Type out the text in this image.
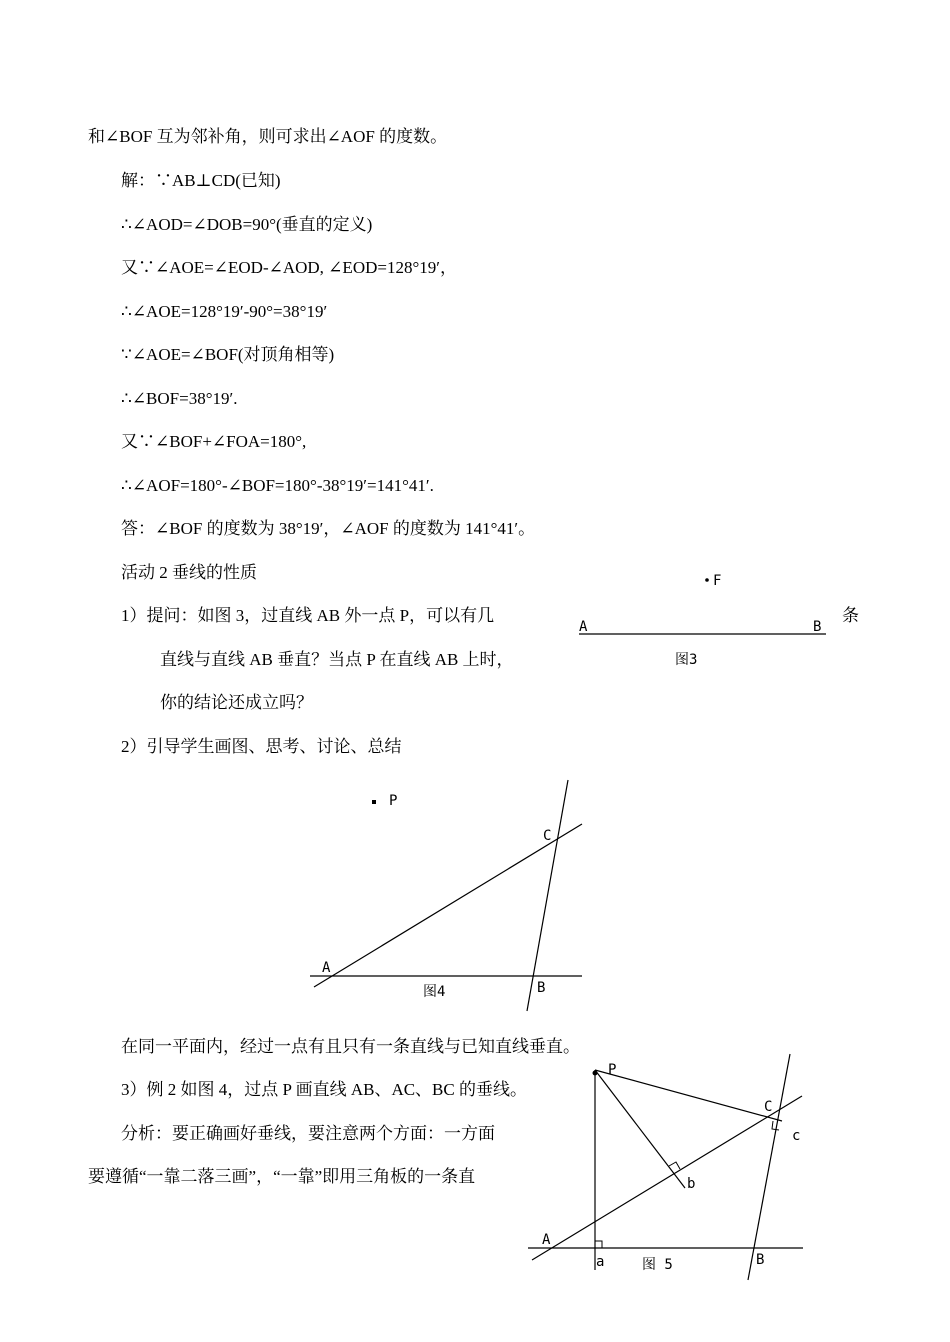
和∠BOF 互为邻补角，则可求出∠AOF 的度数。
解：∵AB⊥CD(已知)
∴∠AOD=∠DOB=90°(垂直的定义)
又∵∠AOE=∠EOD-∠AOD, ∠EOD=128°19′，
∴∠AOE=128°19′-90°=38°19′
∵∠AOE=∠BOF(对顶角相等)
∴∠BOF=38°19′.
又∵∠BOF+∠FOA=180°,
∴∠AOF=180°-∠BOF=180°-38°19′=141°41′.
答：∠BOF 的度数为 38°19′，∠AOF 的度数为 141°41′。
活动 2 垂线的性质
1）提问：如图 3，过直线 AB 外一点 P，可以有几	条
直线与直线 AB 垂直？当点 P 在直线 AB 上时，
你的结论还成立吗？
2）引导学生画图、思考、讨论、总结
在同一平面内，经过一点有且只有一条直线与已知直线垂直。
3）例 2 如图 4，过点 P 画直线 AB、AC、BC 的垂线。
分析：要正确画好垂线，要注意两个方面：一方面
要遵循“一靠二落三画”，“一靠”即用三角板的一条直
F
A	B
图3
P
A
C
B
图4
P
C
c
b
A
a	B
图 5
